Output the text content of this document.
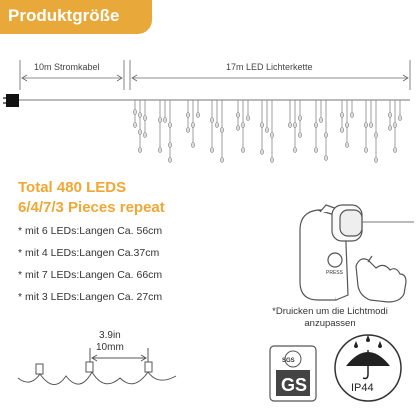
Produktgröße
PRESS
GS
10m Stromkabel	17m LED Lichterkette
Total 480 LEDS
6/4/7/3 Pieces repeat
* mit 6 LEDs:Langen Ca. 56cm
* mit 4 LEDs:Langen Ca.37cm
* mit 7 LEDs:Langen Ca. 66cm
* mit 3 LEDs:Langen Ca. 27cm
*Druicken um die Lichtmodi
anzupassen
3.9in
10mm
SGS
IP44
